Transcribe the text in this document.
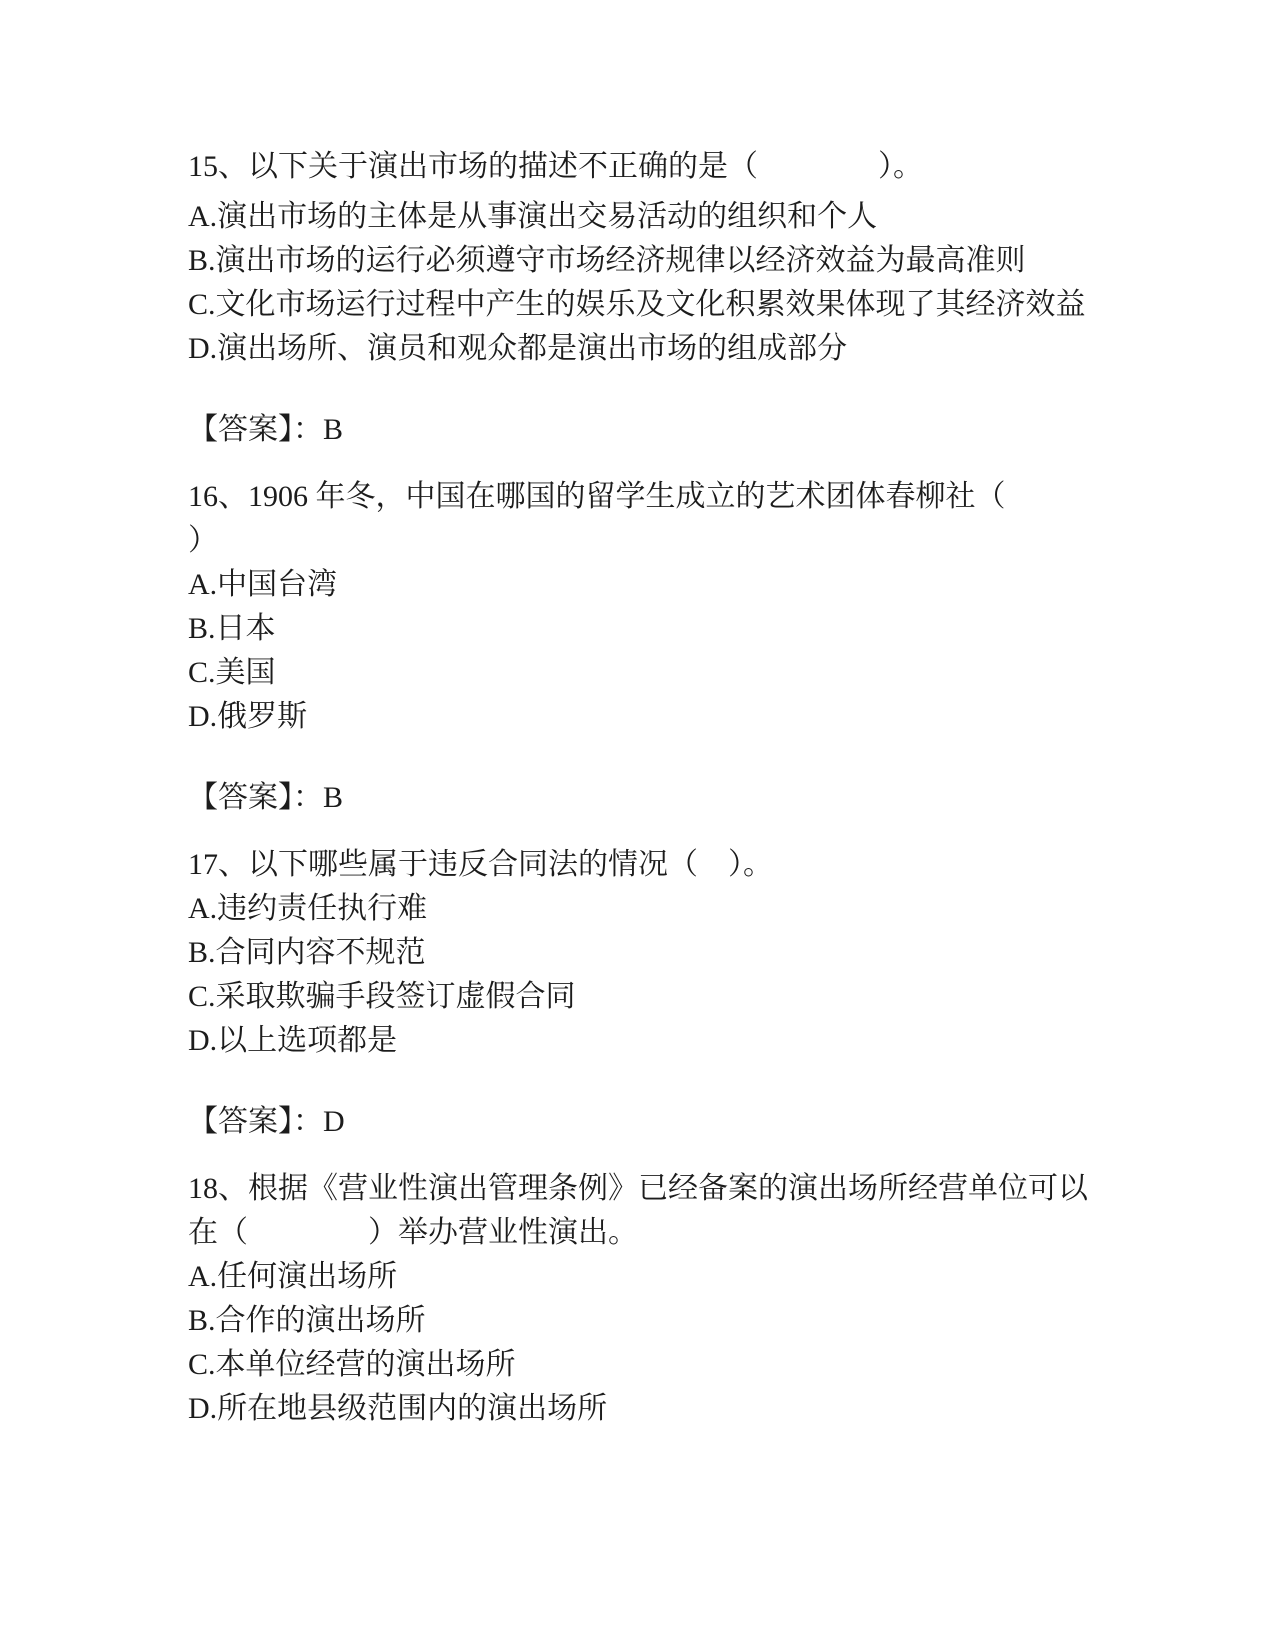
15、以下关于演出市场的描述不正确的是（　　　　）。
A.演出市场的主体是从事演出交易活动的组织和个人
B.演出市场的运行必须遵守市场经济规律以经济效益为最高准则
C.文化市场运行过程中产生的娱乐及文化积累效果体现了其经济效益
D.演出场所、演员和观众都是演出市场的组成部分
【答案】：B
16、1906 年冬，中国在哪国的留学生成立的艺术团体春柳社（
）
A.中国台湾
B.日本
C.美国
D.俄罗斯
【答案】：B
17、以下哪些属于违反合同法的情况（　）。
A.违约责任执行难
B.合同内容不规范
C.采取欺骗手段签订虚假合同
D.以上选项都是
【答案】：D
18、根据《营业性演出管理条例》已经备案的演出场所经营单位可以
在（　　　　）举办营业性演出。
A.任何演出场所
B.合作的演出场所
C.本单位经营的演出场所
D.所在地县级范围内的演出场所
